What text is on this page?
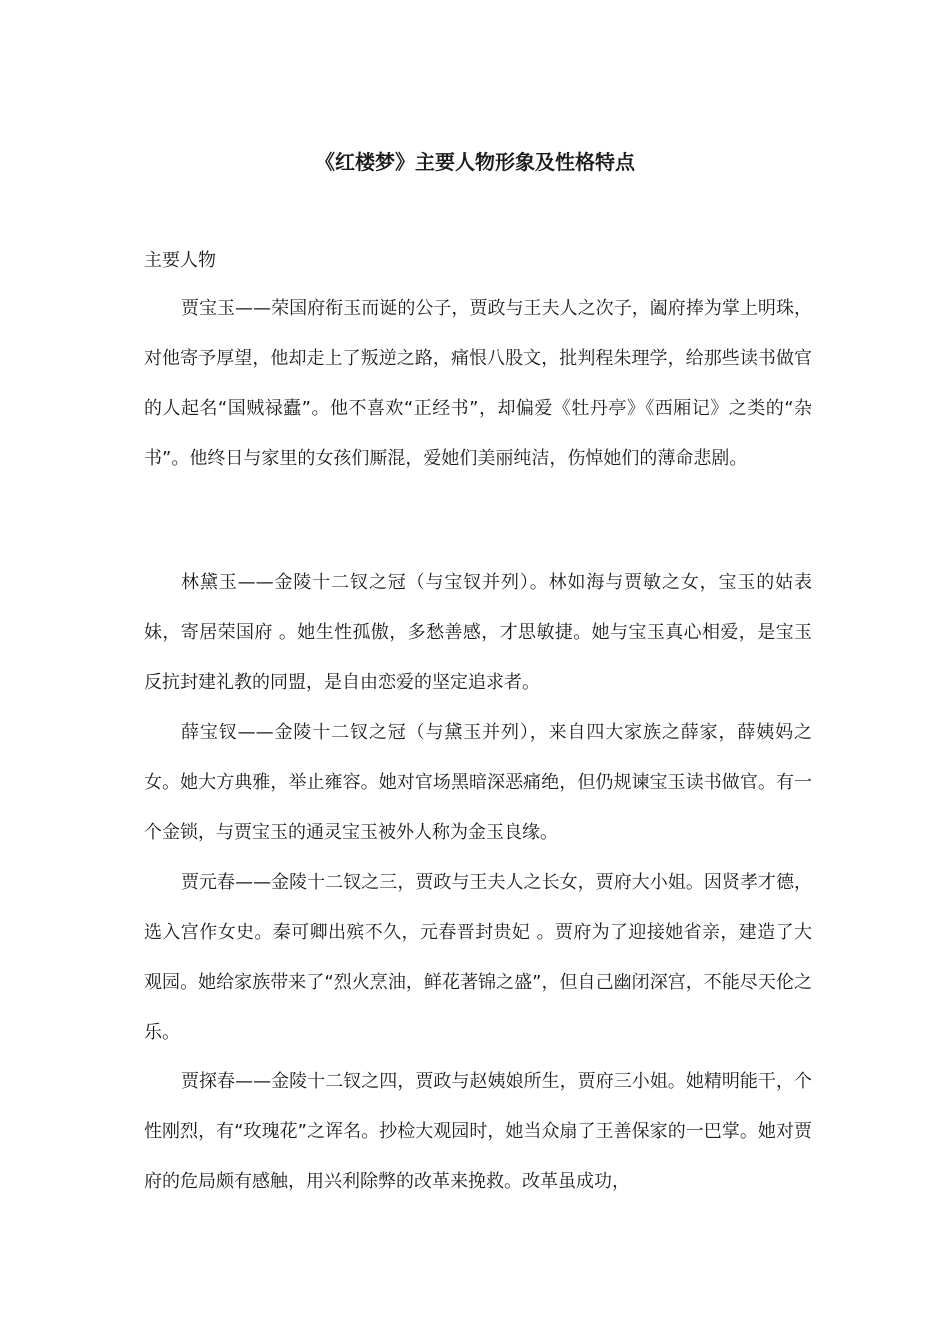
《红楼梦》主要人物形象及性格特点
主要人物

贾宝玉——荣国府衔玉而诞的公子，贾政与王夫人之次子，阖府捧为掌上明珠，对他寄予厚望，他却走上了叛逆之路，痛恨八股文，批判程朱理学，给那些读书做官的人起名“国贼禄蠹”。他不喜欢“正经书”，却偏爱《牡丹亭》《西厢记》之类的“杂书”。他终日与家里的女孩们厮混，爱她们美丽纯洁，伤悼她们的薄命悲剧。

林黛玉——金陵十二钗之冠（与宝钗并列）。林如海与贾敏之女，宝玉的姑表妹，寄居荣国府 。她生性孤傲，多愁善感，才思敏捷。她与宝玉真心相爱，是宝玉反抗封建礼教的同盟，是自由恋爱的坚定追求者。

薛宝钗——金陵十二钗之冠（与黛玉并列），来自四大家族之薛家，薛姨妈之女。她大方典雅，举止雍容。她对官场黑暗深恶痛绝，但仍规谏宝玉读书做官。有一个金锁，与贾宝玉的通灵宝玉被外人称为金玉良缘。

贾元春——金陵十二钗之三，贾政与王夫人之长女，贾府大小姐。因贤孝才德，选入宫作女史。秦可卿出殡不久，元春晋封贵妃 。贾府为了迎接她省亲，建造了大观园。她给家族带来了“烈火烹油，鲜花著锦之盛”，但自己幽闭深宫，不能尽天伦之乐。

贾探春——金陵十二钗之四，贾政与赵姨娘所生，贾府三小姐。她精明能干，个性刚烈，有“玫瑰花”之诨名。抄检大观园时，她当众扇了王善保家的一巴掌。她对贾府的危局颇有感触，用兴利除弊的改革来挽救。改革虽成功，
